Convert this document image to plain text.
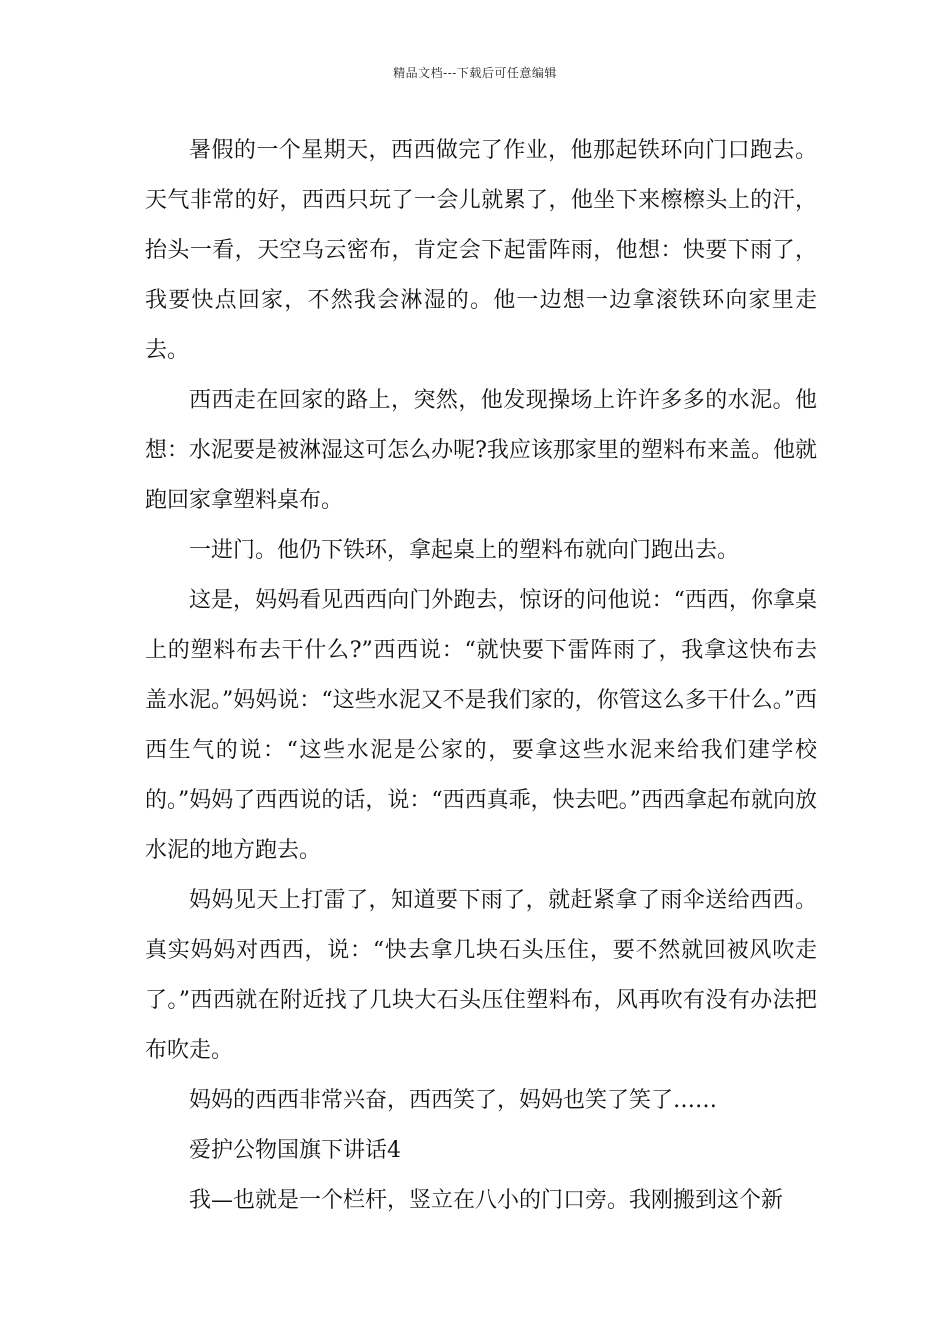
精品文档---下载后可任意编辑

暑假的一个星期天，西西做完了作业，他那起铁环向门口跑去。天气非常的好，西西只玩了一会儿就累了，他坐下来檫檫头上的汗，抬头一看，天空乌云密布，肯定会下起雷阵雨，他想：快要下雨了，我要快点回家，不然我会淋湿的。他一边想一边拿滚铁环向家里走去。

西西走在回家的路上，突然，他发现操场上许许多多的水泥。他想：水泥要是被淋湿这可怎么办呢?我应该那家里的塑料布来盖。他就跑回家拿塑料桌布。

一进门。他仍下铁环，拿起桌上的塑料布就向门跑出去。

这是，妈妈看见西西向门外跑去，惊讶的问他说：“西西，你拿桌上的塑料布去干什么?”西西说：“就快要下雷阵雨了，我拿这快布去盖水泥。”妈妈说：“这些水泥又不是我们家的，你管这么多干什么。”西西生气的说：“这些水泥是公家的，要拿这些水泥来给我们建学校的。”妈妈了西西说的话，说：“西西真乖，快去吧。”西西拿起布就向放水泥的地方跑去。

妈妈见天上打雷了，知道要下雨了，就赶紧拿了雨伞送给西西。真实妈妈对西西，说：“快去拿几块石头压住，要不然就回被风吹走了。”西西就在附近找了几块大石头压住塑料布，风再吹有没有办法把布吹走。

妈妈的西西非常兴奋，西西笑了，妈妈也笑了笑了……

爱护公物国旗下讲话4

我—也就是一个栏杆，竖立在八小的门口旁。我刚搬到这个新
